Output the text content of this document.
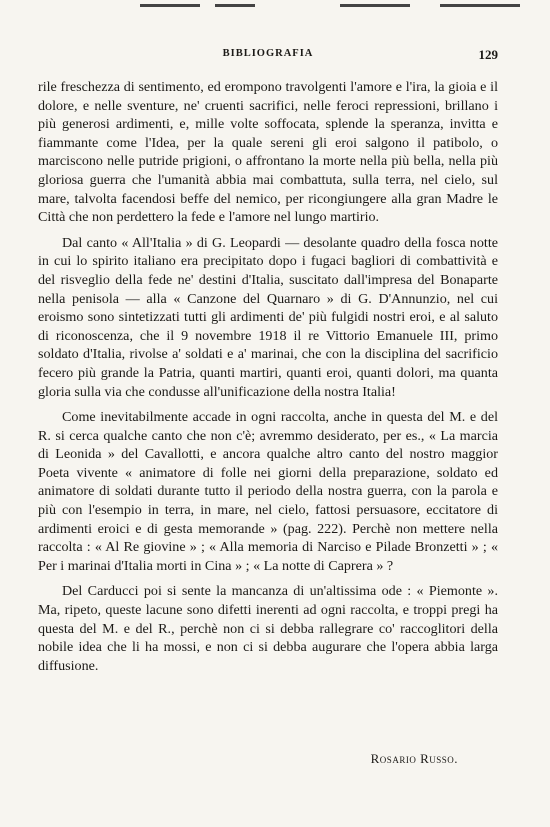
BIBLIOGRAFIA	129

rile freschezza di sentimento, ed erompono travolgenti l'amore e l'ira, la gioia e il dolore, e nelle sventure, ne' cruenti sacrifici, nelle feroci repressioni, brillano i più generosi ardimenti, e, mille volte soffocata, splende la speranza, invitta e fiammante come l'Idea, per la quale sereni gli eroi salgono il patibolo, o marciscono nelle putride prigioni, o affrontano la morte nella più bella, nella più gloriosa guerra che l'umanità abbia mai combattuta, sulla terra, nel cielo, sul mare, talvolta facendosi beffe del nemico, per ricongiungere alla gran Madre le Città che non perdettero la fede e l'amore nel lungo martirio.

Dal canto « All'Italia » di G. Leopardi — desolante quadro della fosca notte in cui lo spirito italiano era precipitato dopo i fugaci bagliori di combattività e del risveglio della fede ne' destini d'Italia, suscitato dall'impresa del Bonaparte nella penisola — alla « Canzone del Quarnaro » di G. D'Annunzio, nel cui eroismo sono sintetizzati tutti gli ardimenti de' più fulgidi nostri eroi, e al saluto di riconoscenza, che il 9 novembre 1918 il re Vittorio Emanuele III, primo soldato d'Italia, rivolse a' soldati e a' marinai, che con la disciplina del sacrificio fecero più grande la Patria, quanti martiri, quanti eroi, quanti dolori, ma quanta gloria sulla via che condusse all'unificazione della nostra Italia!

Come inevitabilmente accade in ogni raccolta, anche in questa del M. e del R. si cerca qualche canto che non c'è; avremmo desiderato, per es., « La marcia di Leonida » del Cavallotti, e ancora qualche altro canto del nostro maggior Poeta vivente « animatore di folle nei giorni della preparazione, soldato ed animatore di soldati durante tutto il periodo della nostra guerra, con la parola e più con l'esempio in terra, in mare, nel cielo, fattosi persuasore, eccitatore di ardimenti eroici e di gesta memorande » (pag. 222). Perchè non mettere nella raccolta : « Al Re giovine » ; « Alla memoria di Narciso e Pilade Bronzetti » ; « Per i marinai d'Italia morti in Cina » ; « La notte di Caprera » ?

Del Carducci poi si sente la mancanza di un'altissima ode : « Piemonte ». Ma, ripeto, queste lacune sono difetti inerenti ad ogni raccolta, e troppi pregi ha questa del M. e del R., perchè non ci si debba rallegrare co' raccoglitori della nobile idea che li ha mossi, e non ci si debba augurare che l'opera abbia larga diffusione.

Rosario Russo.
